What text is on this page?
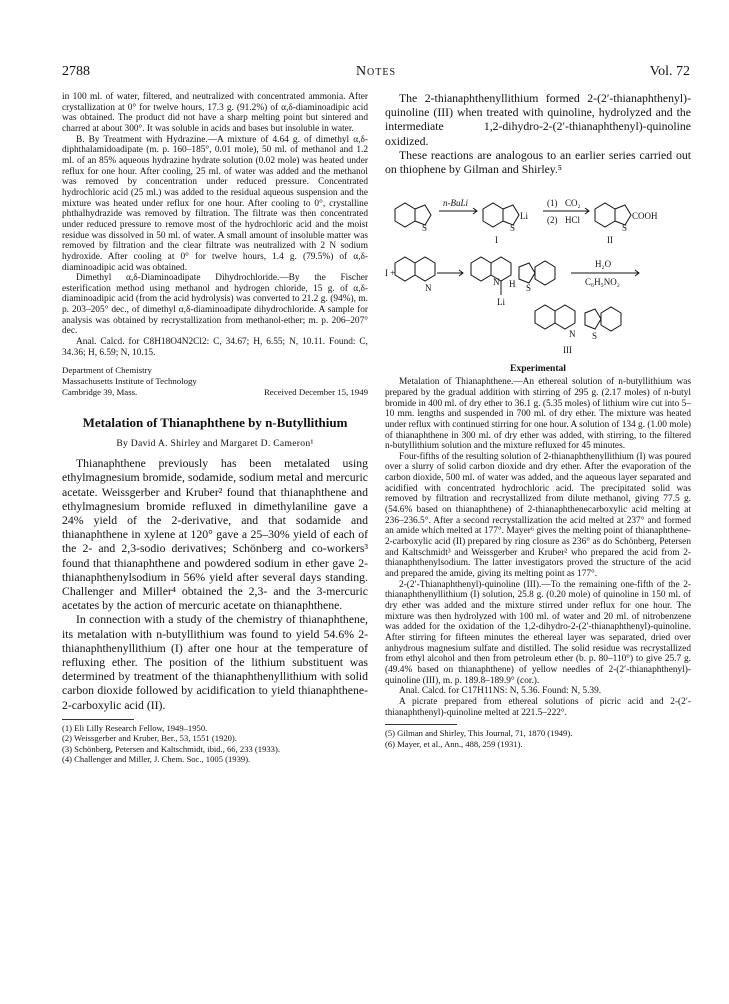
2788	Notes	Vol. 72

in 100 ml. of water, filtered, and neutralized with concentrated ammonia. After crystallization at 0° for twelve hours, 17.3 g. (91.2%) of α,δ-diaminoadipic acid was obtained. The product did not have a sharp melting point but sintered and charred at about 300°. It was soluble in acids and bases but insoluble in water.

B. By Treatment with Hydrazine.—A mixture of 4.64 g. of dimethyl α,δ-diphthalamidoadipate (m. p. 160–185°, 0.01 mole), 50 ml. of methanol and 1.2 ml. of an 85% aqueous hydrazine hydrate solution (0.02 mole) was heated under reflux for one hour. After cooling, 25 ml. of water was added and the methanol was removed by concentration under reduced pressure. Concentrated hydrochloric acid (25 ml.) was added to the residual aqueous suspension and the mixture was heated under reflux for one hour. After cooling to 0°, crystalline phthalhydrazide was removed by filtration. The filtrate was then concentrated under reduced pressure to remove most of the hydrochloric acid and the moist residue was dissolved in 50 ml. of water. A small amount of insoluble matter was removed by filtration and the clear filtrate was neutralized with 2 N sodium hydroxide. After cooling at 0° for twelve hours, 1.4 g. (79.5%) of α,δ-diaminoadipic acid was obtained.

Dimethyl α,δ-Diaminoadipate Dihydrochloride.—By the Fischer esterification method using methanol and hydrogen chloride, 15 g. of α,δ-diaminoadipic acid (from the acid hydrolysis) was converted to 21.2 g. (94%), m. p. 203–205° dec., of dimethyl α,δ-diaminoadipate dihydrochloride. A sample for analysis was obtained by recrystallization from methanol-ether; m. p. 206–207° dec.

Anal. Calcd. for C8H18O4N2Cl2: C, 34.67; H, 6.55; N, 10.11. Found: C, 34.36; H, 6.59; N, 10.15.

Department of Chemistry
Massachusetts Institute of Technology
Cambridge 39, Mass.	Received December 15, 1949
Metalation of Thianaphthene by n-Butyllithium
By David A. Shirley and Margaret D. Cameron¹

Thianaphthene previously has been metalated using ethylmagnesium bromide, sodamide, sodium metal and mercuric acetate. Weissgerber and Kruber² found that thianaphthene and ethylmagnesium bromide refluxed in dimethylaniline gave a 24% yield of the 2-derivative, and that sodamide and thianaphthene in xylene at 120° gave a 25–30% yield of each of the 2- and 2,3-sodio derivatives; Schönberg and co-workers³ found that thianaphthene and powdered sodium in ether gave 2-thianaphthenylsodium in 56% yield after several days standing. Challenger and Miller⁴ obtained the 2,3- and the 3-mercuric acetates by the action of mercuric acetate on thianaphthene.

In connection with a study of the chemistry of thianaphthene, its metalation with n-butyllithium was found to yield 54.6% 2-thianaphthenyllithium (I) after one hour at the temperature of refluxing ether. The position of the lithium substituent was determined by treatment of the thianaphthenyllithium with solid carbon dioxide followed by acidification to yield thianaphthene-2-carboxylic acid (II).

(1) Eli Lilly Research Fellow, 1949–1950.
(2) Weissgerber and Kruber, Ber., 53, 1551 (1920).
(3) Schönberg, Petersen and Kaltschmidt, ibid., 66, 233 (1933).
(4) Challenger and Miller, J. Chem. Soc., 1005 (1939).

The 2-thianaphthenyllithium formed 2-(2′-thianaphthenyl)-quinoline (III) when treated with quinoline, hydrolyzed and the intermediate 1,2-dihydro-2-(2′-thianaphthenyl)-quinoline oxidized.

These reactions are analogous to an earlier series carried out on thiophene by Gilman and Shirley.⁵

S
n-BuLi
S
Li
I
(1) CO₂
(2) HCl
S
COOH
II
I +
N
N H S
Li
H₂O
C₆H₅NO₂
N S
III
Experimental

Metalation of Thianaphthene.—An ethereal solution of n-butyllithium was prepared by the gradual addition with stirring of 295 g. (2.17 moles) of n-butyl bromide in 400 ml. of dry ether to 36.1 g. (5.35 moles) of lithium wire cut into 5–10 mm. lengths and suspended in 700 ml. of dry ether. The mixture was heated under reflux with continued stirring for one hour. A solution of 134 g. (1.00 mole) of thianaphthene in 300 ml. of dry ether was added, with stirring, to the filtered n-butyllithium solution and the mixture refluxed for 45 minutes.

Four-fifths of the resulting solution of 2-thianaphthenyllithium (I) was poured over a slurry of solid carbon dioxide and dry ether. After the evaporation of the carbon dioxide, 500 ml. of water was added, and the aqueous layer separated and acidified with concentrated hydrochloric acid. The precipitated solid was removed by filtration and recrystallized from dilute methanol, giving 77.5 g. (54.6% based on thianaphthene) of 2-thianaphthenecarboxylic acid melting at 236–236.5°. After a second recrystallization the acid melted at 237° and formed an amide which melted at 177°. Mayer⁶ gives the melting point of thianaphthene-2-carboxylic acid (II) prepared by ring closure as 236° as do Schönberg, Petersen and Kaltschmidt³ and Weissgerber and Kruber² who prepared the acid from 2-thianaphthenylsodium. The latter investigators proved the structure of the acid and prepared the amide, giving its melting point as 177°.

2-(2′-Thianaphthenyl)-quinoline (III).—To the remaining one-fifth of the 2-thianaphthenyllithium (I) solution, 25.8 g. (0.20 mole) of quinoline in 150 ml. of dry ether was added and the mixture stirred under reflux for one hour. The mixture was then hydrolyzed with 100 ml. of water and 20 ml. of nitrobenzene was added for the oxidation of the 1,2-dihydro-2-(2′-thianaphthenyl)-quinoline. After stirring for fifteen minutes the ethereal layer was separated, dried over anhydrous magnesium sulfate and distilled. The solid residue was recrystallized from ethyl alcohol and then from petroleum ether (b. p. 80–110°) to give 25.7 g. (49.4% based on thianaphthene) of yellow needles of 2-(2′-thianaphthenyl)-quinoline (III), m. p. 189.8–189.9° (cor.).

Anal. Calcd. for C17H11NS: N, 5.36. Found: N, 5.39.

A picrate prepared from ethereal solutions of picric acid and 2-(2′-thianaphthenyl)-quinoline melted at 221.5–222°.

(5) Gilman and Shirley, This Journal, 71, 1870 (1949).
(6) Mayer, et al., Ann., 488, 259 (1931).
